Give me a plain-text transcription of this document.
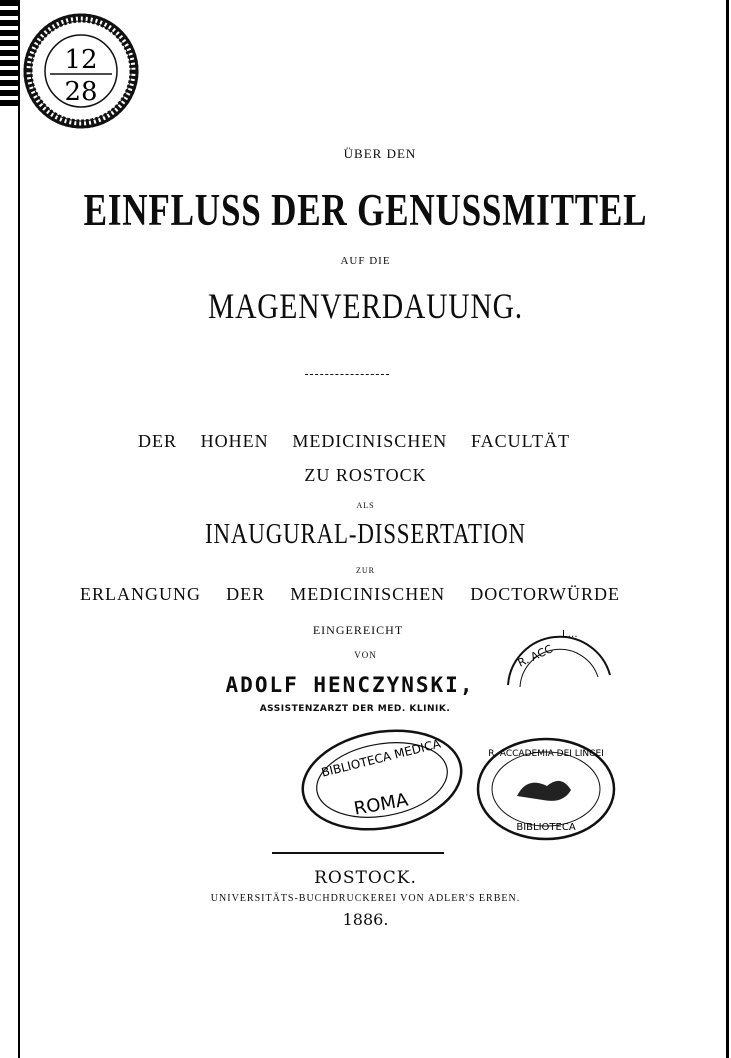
12
28
ÜBER DEN
EINFLUSS DER GENUSSMITTEL
AUF DIE
MAGENVERDAUUNG.
DER HOHEN MEDICINISCHEN FACULTÄT
ZU ROSTOCK
ALS
INAUGURAL-DISSERTATION
ZUR
ERLANGUNG DER MEDICINISCHEN DOCTORWÜRDE
EINGEREICHT
VON
ADOLF HENCZYNSKI,
ASSISTENZARZT DER MED. KLINIK.
R. ACC
L…
BIBLIOTECA MEDICA
ROMA
R. ACCADEMIA DEI LINCEI
BIBLIOTECA
ROSTOCK.
UNIVERSITÄTS-BUCHDRUCKEREI VON ADLER'S ERBEN.
1886.
